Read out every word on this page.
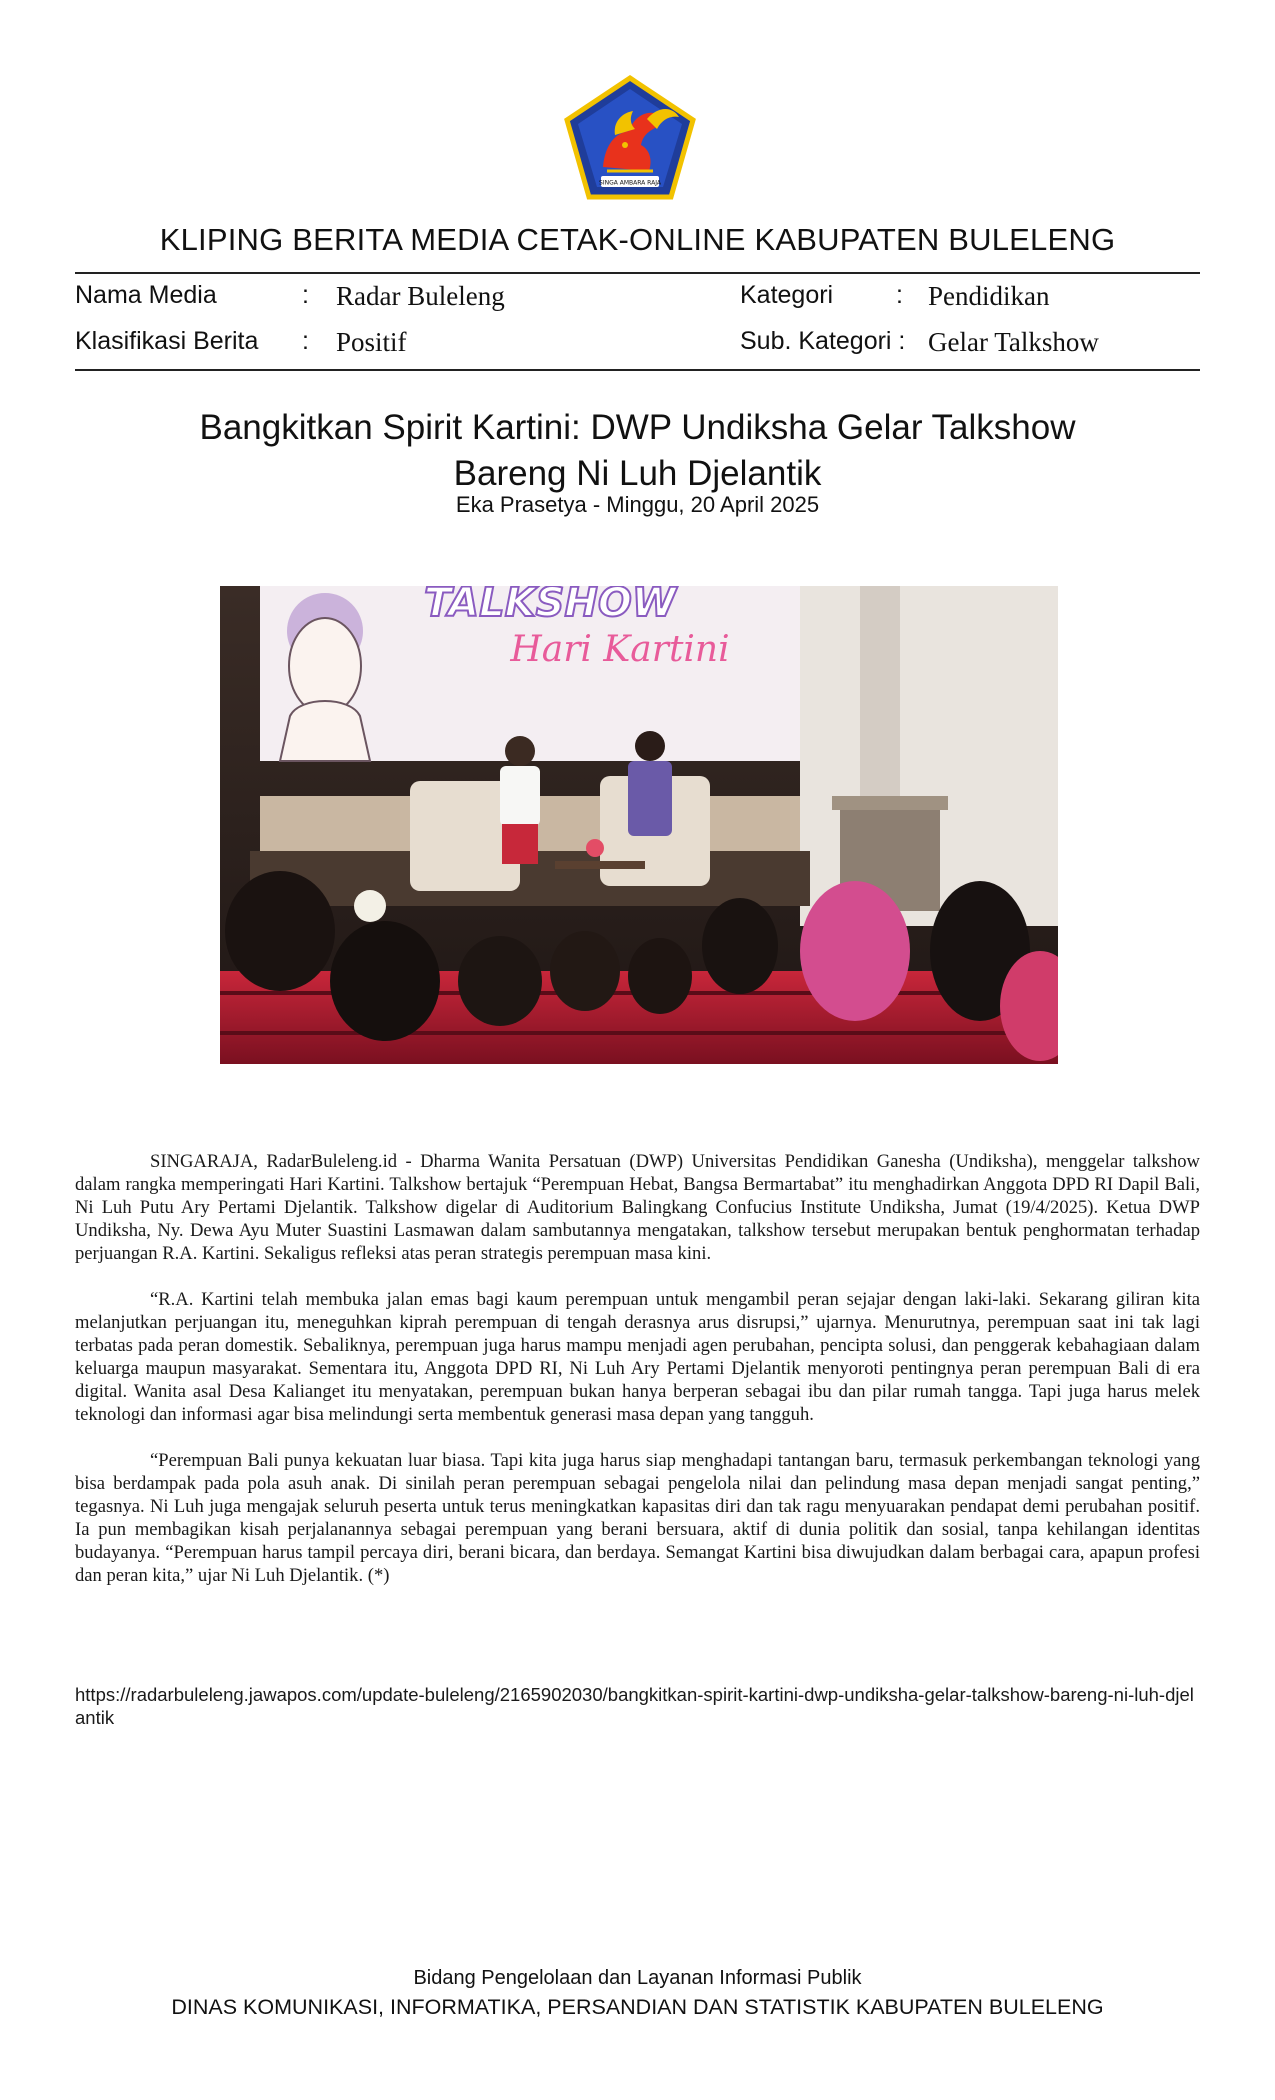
SINGA AMBARA RAJA
KLIPING BERITA MEDIA CETAK-ONLINE KABUPATEN BULELENG
Nama Media	: Radar Buleleng	Kategori	: Pendidikan
Klasifikasi Berita : Positif	Sub. Kategori : Gelar Talkshow
Bangkitkan Spirit Kartini: DWP Undiksha Gelar Talkshow
Bareng Ni Luh Djelantik
Eka Prasetya - Minggu, 20 April 2025
TALKSHOW
Hari Kartini

SINGARAJA, RadarBuleleng.id - Dharma Wanita Persatuan (DWP) Universitas Pendidikan Ganesha (Undiksha), menggelar talkshow dalam rangka memperingati Hari Kartini. Talkshow bertajuk “Perempuan Hebat, Bangsa Bermartabat” itu menghadirkan Anggota DPD RI Dapil Bali, Ni Luh Putu Ary Pertami Djelantik. Talkshow digelar di Auditorium Balingkang Confucius Institute Undiksha, Jumat (19/4/2025). Ketua DWP Undiksha, Ny. Dewa Ayu Muter Suastini Lasmawan dalam sambutannya mengatakan, talkshow tersebut merupakan bentuk penghormatan terhadap perjuangan R.A. Kartini. Sekaligus refleksi atas peran strategis perempuan masa kini.

“R.A. Kartini telah membuka jalan emas bagi kaum perempuan untuk mengambil peran sejajar dengan laki-laki. Sekarang giliran kita melanjutkan perjuangan itu, meneguhkan kiprah perempuan di tengah derasnya arus disrupsi,” ujarnya. Menurutnya, perempuan saat ini tak lagi terbatas pada peran domestik. Sebaliknya, perempuan juga harus mampu menjadi agen perubahan, pencipta solusi, dan penggerak kebahagiaan dalam keluarga maupun masyarakat. Sementara itu, Anggota DPD RI, Ni Luh Ary Pertami Djelantik menyoroti pentingnya peran perempuan Bali di era digital. Wanita asal Desa Kalianget itu menyatakan, perempuan bukan hanya berperan sebagai ibu dan pilar rumah tangga. Tapi juga harus melek teknologi dan informasi agar bisa melindungi serta membentuk generasi masa depan yang tangguh.

“Perempuan Bali punya kekuatan luar biasa. Tapi kita juga harus siap menghadapi tantangan baru, termasuk perkembangan teknologi yang bisa berdampak pada pola asuh anak. Di sinilah peran perempuan sebagai pengelola nilai dan pelindung masa depan menjadi sangat penting,” tegasnya. Ni Luh juga mengajak seluruh peserta untuk terus meningkatkan kapasitas diri dan tak ragu menyuarakan pendapat demi perubahan positif. Ia pun membagikan kisah perjalanannya sebagai perempuan yang berani bersuara, aktif di dunia politik dan sosial, tanpa kehilangan identitas budayanya. “Perempuan harus tampil percaya diri, berani bicara, dan berdaya. Semangat Kartini bisa diwujudkan dalam berbagai cara, apapun profesi dan peran kita,” ujar Ni Luh Djelantik. (*)

https://radarbuleleng.jawapos.com/update-buleleng/2165902030/bangkitkan-spirit-kartini-dwp-undiksha-gelar-talkshow-bareng-ni-luh-djelantik
Bidang Pengelolaan dan Layanan Informasi Publik
DINAS KOMUNIKASI, INFORMATIKA, PERSANDIAN DAN STATISTIK KABUPATEN BULELENG
